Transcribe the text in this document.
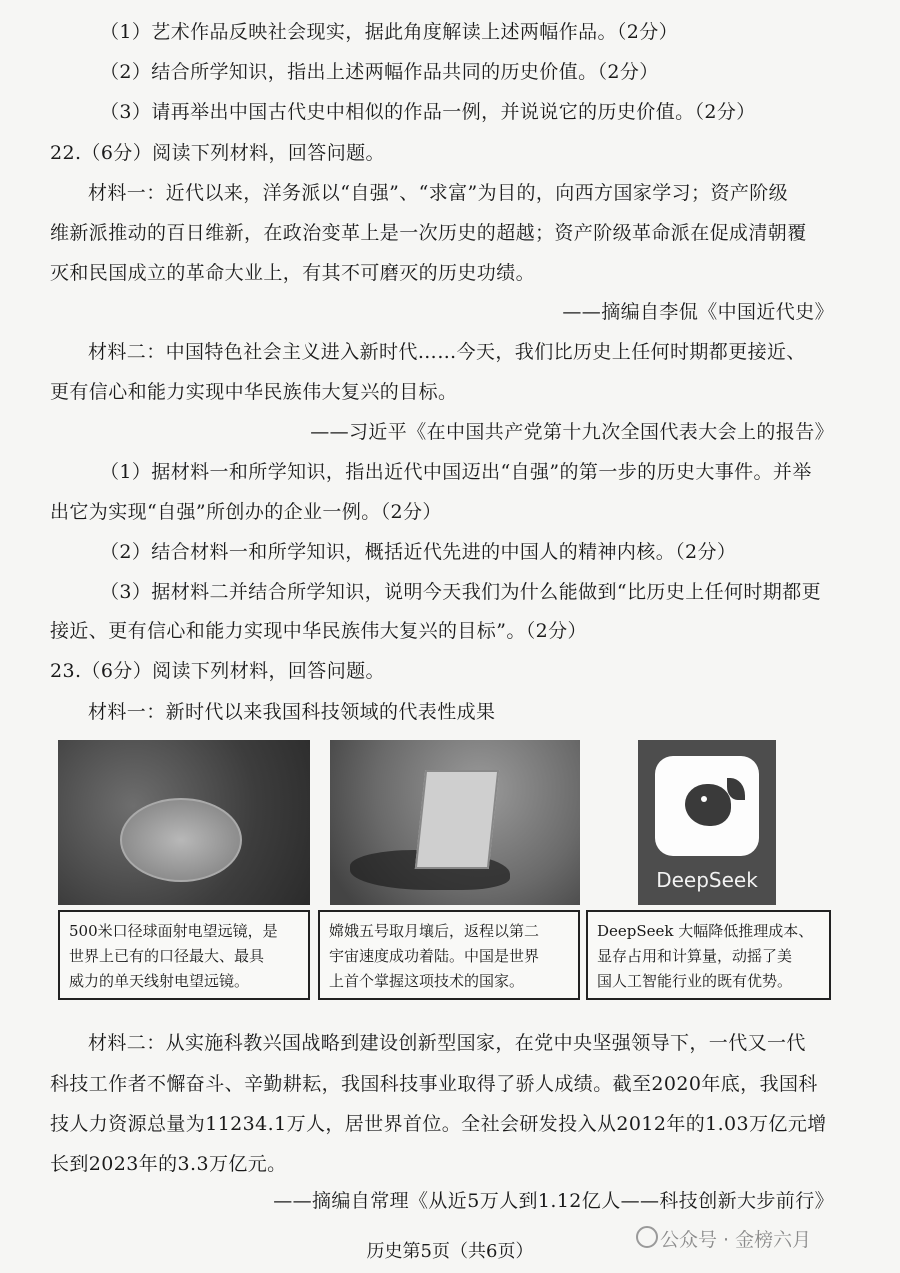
（1）艺术作品反映社会现实，据此角度解读上述两幅作品。（2分）
（2）结合所学知识，指出上述两幅作品共同的历史价值。（2分）
（3）请再举出中国古代史中相似的作品一例，并说说它的历史价值。（2分）
22.（6分）阅读下列材料，回答问题。
材料一：近代以来，洋务派以“自强”、“求富”为目的，向西方国家学习；资产阶级
维新派推动的百日维新，在政治变革上是一次历史的超越；资产阶级革命派在促成清朝覆
灭和民国成立的革命大业上，有其不可磨灭的历史功绩。
——摘编自李侃《中国近代史》
材料二：中国特色社会主义进入新时代……今天，我们比历史上任何时期都更接近、
更有信心和能力实现中华民族伟大复兴的目标。
——习近平《在中国共产党第十九次全国代表大会上的报告》
（1）据材料一和所学知识，指出近代中国迈出“自强”的第一步的历史大事件。并举
出它为实现“自强”所创办的企业一例。（2分）
（2）结合材料一和所学知识，概括近代先进的中国人的精神内核。（2分）
（3）据材料二并结合所学知识，说明今天我们为什么能做到“比历史上任何时期都更
接近、更有信心和能力实现中华民族伟大复兴的目标”。（2分）
23.（6分）阅读下列材料，回答问题。
材料一：新时代以来我国科技领域的代表性成果
DeepSeek
500米口径球面射电望远镜，是
世界上已有的口径最大、最具
威力的单天线射电望远镜。
嫦娥五号取月壤后，返程以第二
宇宙速度成功着陆。中国是世界
上首个掌握这项技术的国家。
DeepSeek 大幅降低推理成本、
显存占用和计算量，动摇了美
国人工智能行业的既有优势。
材料二：从实施科教兴国战略到建设创新型国家，在党中央坚强领导下，一代又一代
科技工作者不懈奋斗、辛勤耕耘，我国科技事业取得了骄人成绩。截至2020年底，我国科
技人力资源总量为11234.1万人，居世界首位。全社会研发投入从2012年的1.03万亿元增
长到2023年的3.3万亿元。
——摘编自常理《从近5万人到1.12亿人——科技创新大步前行》
公众号 · 金榜六月
历史第5页（共6页）
